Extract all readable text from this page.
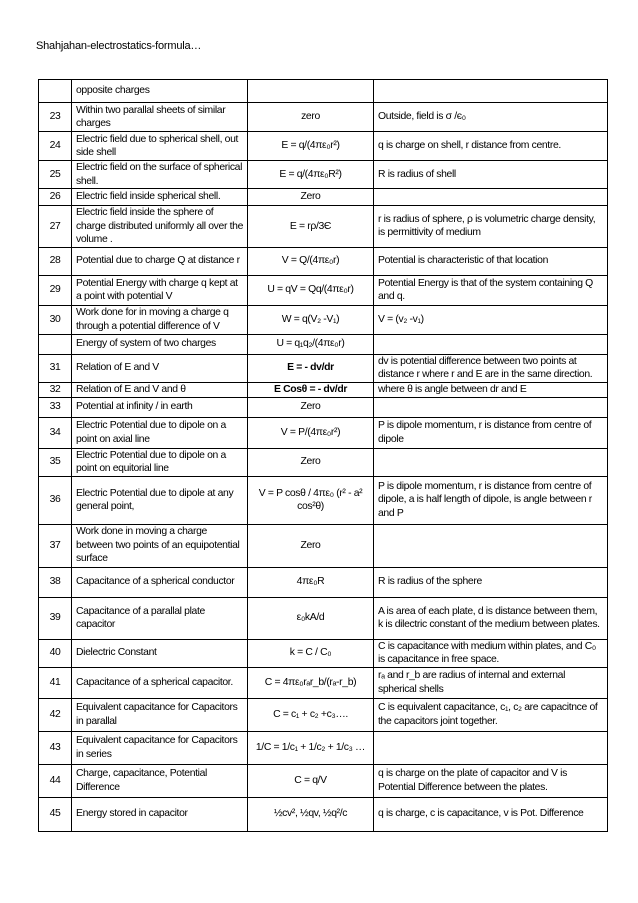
Shahjahan-electrostatics-formula…
	opposite charges		
23	Within two parallal sheets of similar charges	zero	Outside, field is σ /є₀
24	Electric field due to spherical shell, out side shell	E = q/(4πε₀r²)	q is charge on shell, r distance from centre.
25	Electric field on the surface of spherical shell.	E = q/(4πε₀R²)	R is radius of shell
26	Electric field inside spherical shell.	Zero	
27	Electric field inside the sphere of charge distributed uniformly all over the volume .	E = rρ/3Є	r is radius of sphere, ρ is volumetric charge density, is permittivity of medium
28	Potential due to charge Q at distance r	V = Q/(4πε₀r)	Potential is characteristic of that location
29	Potential Energy with charge q kept at a point with potential V	U = qV = Qq/(4πε₀r)	Potential Energy is that of the system containing Q and q.
30	Work done for in moving a charge q through a potential difference of V	W = q(V₂ -V₁)	V = (v₂ -v₁)
	Energy of system of two charges	U = q₁q₂/(4πε₀r)	
31	Relation of E and V	E = - dv/dr	dv is potential difference between two points at distance r where r and E are in the same direction.
32	Relation of E and V and θ	E Cosθ = - dv/dr	where θ is angle between dr and E
33	Potential at infinity / in earth	Zero	
34	Electric Potential due to dipole on a point on axial line	V = P/(4πε₀r²)	P is dipole momentum, r is distance from centre of dipole
35	Electric Potential due to dipole on a point on equitorial line	Zero	
36	Electric Potential due to dipole at any general point,	V = P cosθ / 4πε₀ (r² - a² cos²θ)	P is dipole momentum, r is distance from centre of dipole, a is half length of dipole, is angle between r and P
37	Work done in moving a charge between two points of an equipotential surface	Zero	
38	Capacitance of a spherical conductor	4πε₀R	R is radius of the sphere
39	Capacitance of a parallal plate capacitor	ε₀kA/d	A is area of each plate, d is distance between them, k is dilectric constant of the medium between plates.
40	Dielectric Constant	k = C / C₀	C is capacitance with medium within plates, and C₀ is capacitance in free space.
41	Capacitance of a spherical capacitor.	C = 4πε₀rₐr_b/(rₐ-r_b)	rₐ and r_b are radius of internal and external spherical shells
42	Equivalent capacitance for Capacitors in parallal	C = c₁ + c₂ +c₃….	C is equivalent capacitance, c₁, c₂ are capacitnce of the capacitors joint together.
43	Equivalent capacitance for Capacitors in series	1/C = 1/c₁ + 1/c₂ + 1/c₃ …	
44	Charge, capacitance, Potential Difference	C = q/V	q is charge on the plate of capacitor and V is Potential Difference between the plates.
45	Energy stored in capacitor	½cv², ½qv, ½q²/c	q is charge, c is capacitance, v is Pot. Difference
